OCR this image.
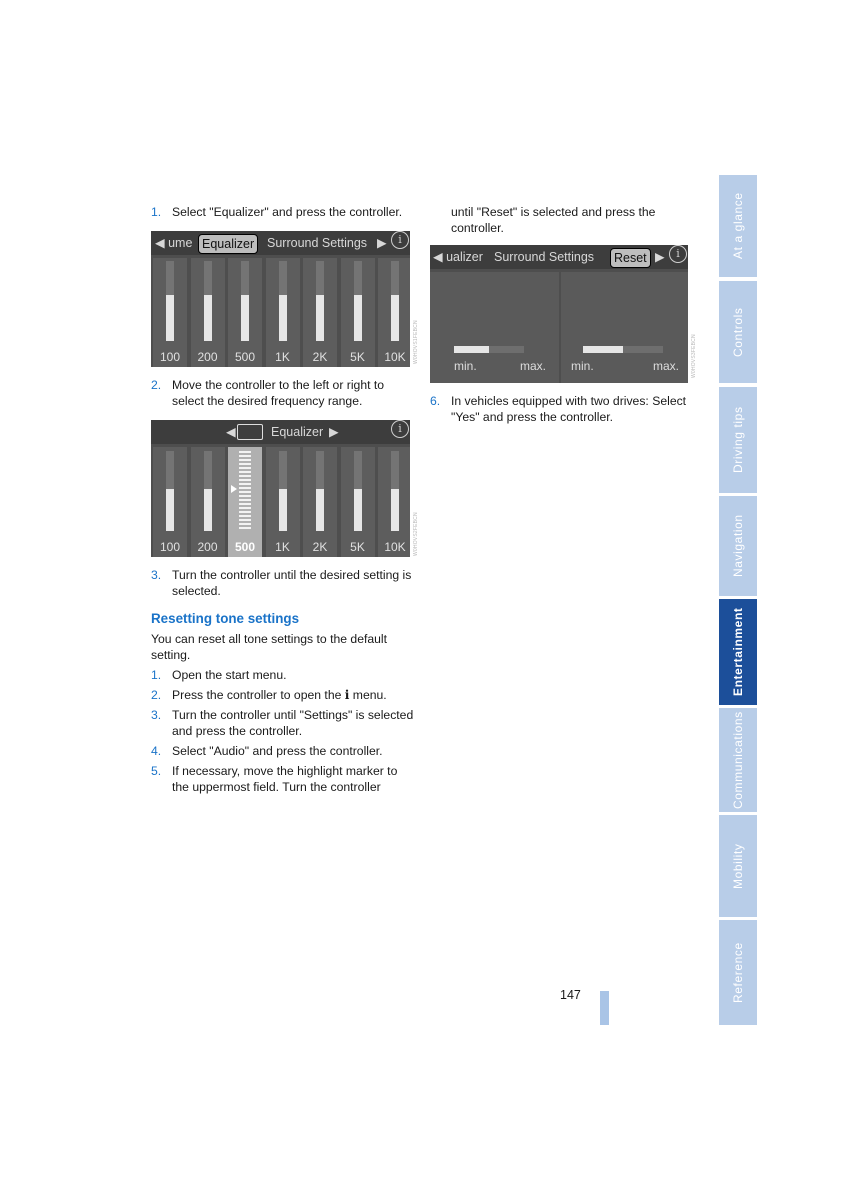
1. Select "Equalizer" and press the controller.
◀ ume Equalizer	Surround Settings ▶	i
100	200	500	1K	2K	5K	10K	W0HOVS1FEBCN
2. Move the controller to the left or right to select the desired frequency range.
◀	Equalizer ▶	i
100	200	500	1K	2K	5K	10K	W0HOVS2FEBCN
3. Turn the controller until the desired setting is selected.
Resetting tone settings
You can reset all tone settings to the default setting.
1. Open the start menu.
2. Press the controller to open the i menu.
3. Turn the controller until "Settings" is selected and press the controller.
4. Select "Audio" and press the controller.
5. If necessary, move the highlight marker to the uppermost field. Turn the controller
until "Reset" is selected and press the controller.
◀ ualizer Surround Settings	Reset ▶	i
min.	max. min.	max. W0HOVS3FEBCN
6. In vehicles equipped with two drives: Select "Yes" and press the controller.
147
At a glance
Controls
Driving tips
Navigation
Entertainment
Communications
Mobility
Reference
